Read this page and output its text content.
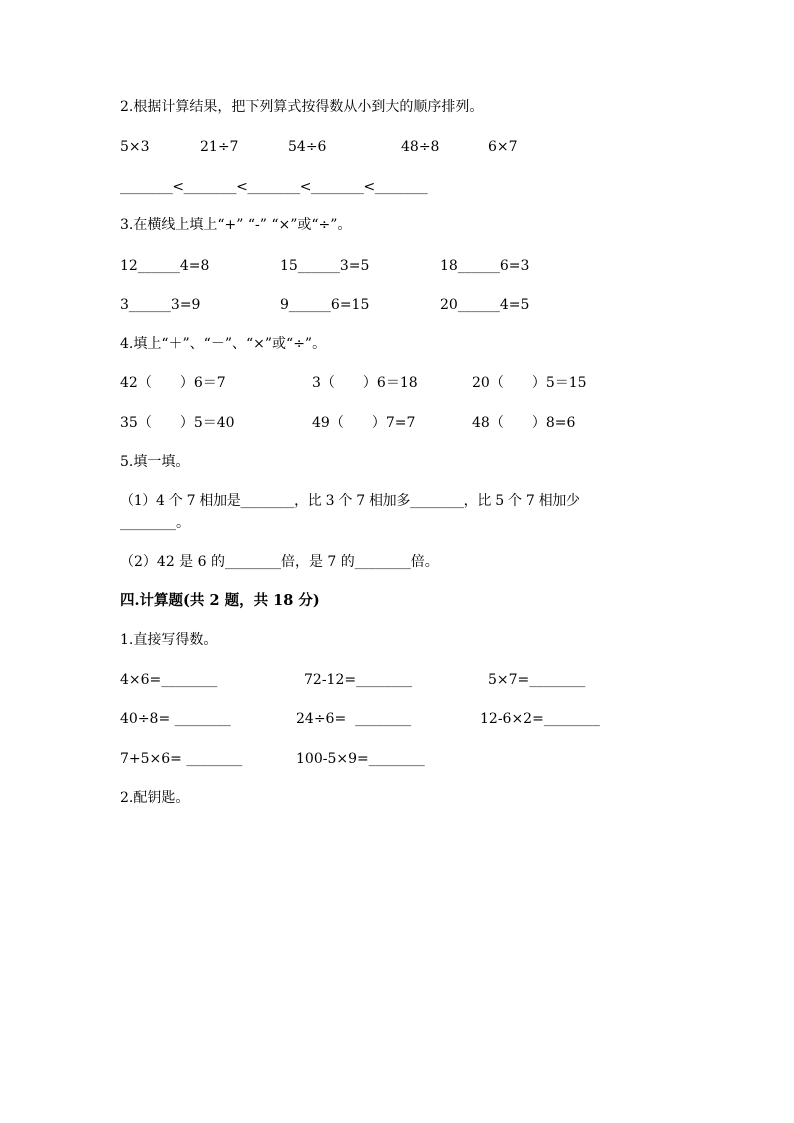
2.根据计算结果，把下列算式按得数从小到大的顺序排列。
5×3	21÷7	54÷6	48÷8	6×7
________<________<________<________<________
3.在横线上填上“+” “-” “×”或“÷”。
12______4=8	15______3=5	18______6=3
3______3=9	9______6=15	20______4=5
4.填上“＋”、“－”、“×”或“÷”。
42（　　）6＝7	3（　　）6＝18	20（　　）5＝15
35（　　）5＝40	49（　　）7=7	48（　　）8=6
5.填一填。
（1）4 个 7 相加是________，比 3 个 7 相加多________，比 5 个 7 相加少
________。
（2）42 是 6 的________倍，是 7 的________倍。
四.计算题(共 2 题，共 18 分)
1.直接写得数。
4×6=________	72-12=________	5×7=________
40÷8= ________	24÷6=  ________	12-6×2=________
7+5×6= ________	100-5×9=________
2.配钥匙。
